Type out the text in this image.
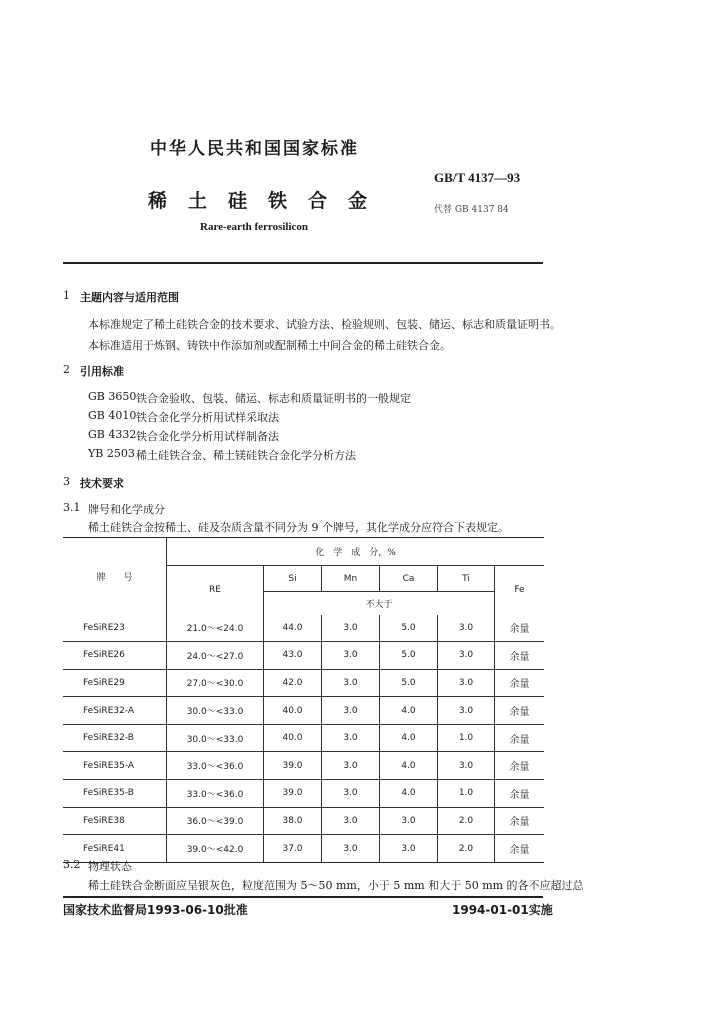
中华人民共和国国家标准
GB/T 4137—93
稀土硅铁合金	代替 GB 4137 84
Rare-earth ferrosilicon
1 主题内容与适用范围
本标准规定了稀土硅铁合金的技术要求、试验方法、检验规则、包装、储运、标志和质量证明书。
本标准适用于炼钢、铸铁中作添加剂或配制稀土中间合金的稀土硅铁合金。
2 引用标准
GB 3650 铁合金验收、包装、储运、标志和质量证明书的一般规定
GB 4010 铁合金化学分析用试样采取法
GB 4332 铁合金化学分析用试样制备法
YB 2503 稀土硅铁合金、稀土镁硅铁合金化学分析方法
3 技术要求
3.1 牌号和化学成分
稀土硅铁合金按稀土、硅及杂质含量不同分为 9 个牌号，其化学成分应符合下表规定。
牌　　号	化　学　成　分，%					
	RE	Si	Mn	Ca	Ti	Fe
		不大于				
FeSiRE23	21.0～<24.0	44.0	3.0	5.0	3.0	余量
FeSiRE26	24.0～<27.0	43.0	3.0	5.0	3.0	余量
FeSiRE29	27.0～<30.0	42.0	3.0	5.0	3.0	余量
FeSiRE32-A	30.0～<33.0	40.0	3.0	4.0	3.0	余量
FeSiRE32-B	30.0～<33.0	40.0	3.0	4.0	1.0	余量
FeSiRE35-A	33.0～<36.0	39.0	3.0	4.0	3.0	余量
FeSiRE35-B	33.0～<36.0	39.0	3.0	4.0	1.0	余量
FeSiRE38	36.0～<39.0	38.0	3.0	3.0	2.0	余量
FeSiRE41	39.0～<42.0	37.0	3.0	3.0	2.0	余量
3.2 物理状态
稀土硅铁合金断面应呈银灰色，粒度范围为 5～50 mm，小于 5 mm 和大于 50 mm 的各不应超过总
国家技术监督局1993-06-10批准	1994-01-01实施
